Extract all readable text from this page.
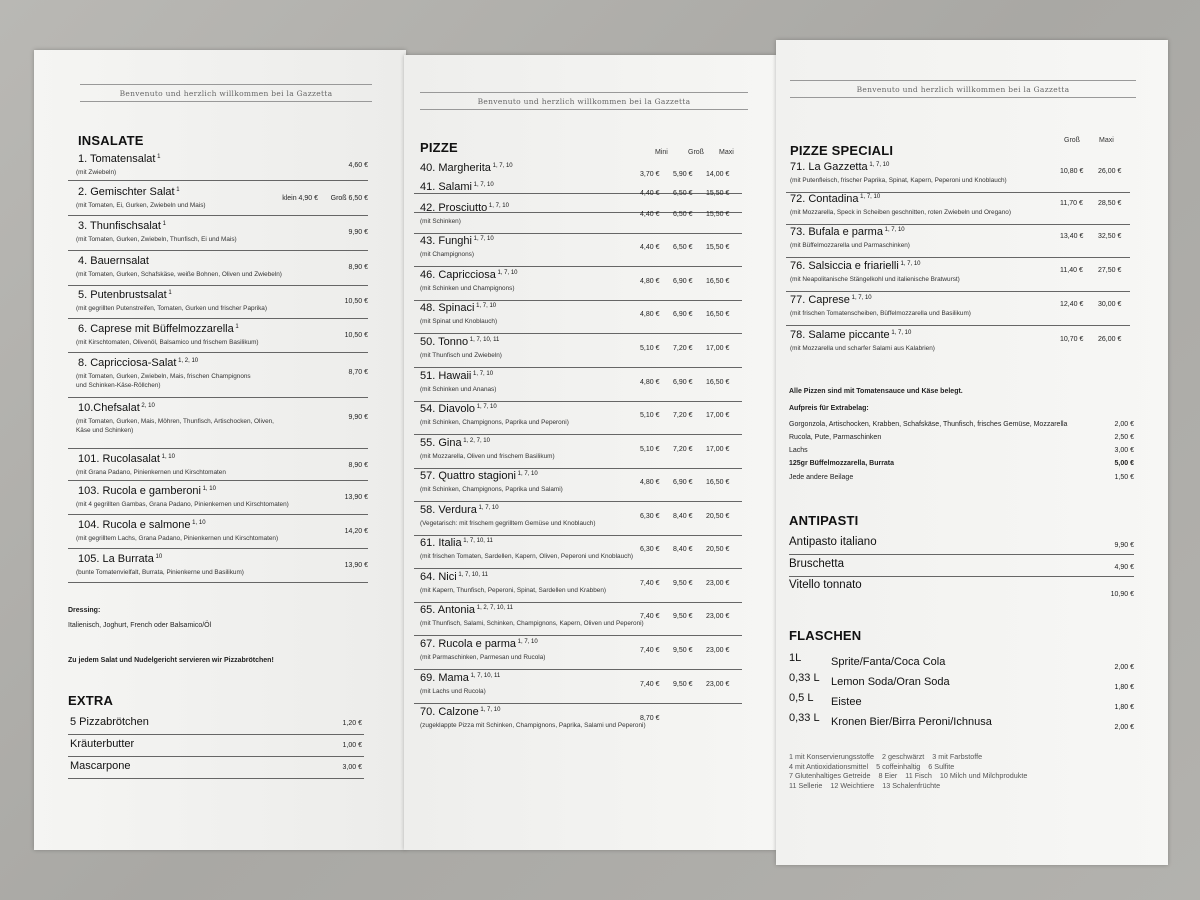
Benvenuto und herzlich willkommen bei la Gazzetta
INSALATE
Dressing:
Italienisch, Joghurt, French oder Balsamico/Öl
Zu jedem Salat und Nudelgericht servieren wir Pizzabrötchen!
EXTRA
1. Tomatensalat $^1$
(mit Zwiebeln)
4,60 €
2. Gemischter Salat $^1$
(mit Tomaten, Ei, Gurken, Zwiebeln und Mais)
klein 4,90 € Groß 6,50 €
3. Thunfischsalat $^1$
(mit Tomaten, Gurken, Zwiebeln, Thunfisch, Ei und Mais)
9,90 €
4. Bauernsalat
(mit Tomaten, Gurken, Schafskäse, weiße Bohnen, Oliven und Zwiebeln)
8,90 €
5. Putenbrustsalat $^1$
(mit gegrillten Putenstreifen, Tomaten, Gurken und frischer Paprika)
10,50 €
6. Caprese mit Büffelmozzarella $^1$
(mit Kirschtomaten, Olivenöl, Balsamico und frischem Basilikum)
10,50 €
8. Capricciosa-Salat $^{1, 2, 10}$
(mit Tomaten, Gurken, Zwiebeln, Mais, frischen Champignons
und Schinken-Käse-Röllchen)
8,70 €
10.Chefsalat $^{2, 10}$
(mit Tomaten, Gurken, Mais, Möhren, Thunfisch, Artischocken, Oliven,
Käse und Schinken)
9,90 €
101. Rucolasalat $^{1, 10}$
(mit Grana Padano, Pinienkernen und Kirschtomaten
8,90 €
103. Rucola e gamberoni $^{1, 10}$
(mit 4 gegrillten Gambas, Grana Padano, Pinienkernen und Kirschtomaten)
13,90 €
104. Rucola e salmone $^{1, 10}$
(mit gegrilltem Lachs, Grana Padano, Pinienkernen und Kirschtomaten)
14,20 €
105. La Burrata $^{10}$
(bunte Tomatenvielfalt, Burrata, Pinienkerne und Basilikum)
13,90 €
5 Pizzabrötchen	1,20 €
Kräuterbutter	1,00 €
Mascarpone	3,00 €
Benvenuto und herzlich willkommen bei la Gazzetta
PIZZE	Mini	Groß Maxi
40. Margherita $^{1, 7, 10}$
3,70 € 5,90 € 14,00 €
41. Salami $^{1, 7, 10}$
4,40 € 6,50 € 15,50 €
42. Prosciutto $^{1, 7, 10}$
(mit Schinken)
4,40 € 6,50 € 15,50 €
43. Funghi $^{1, 7, 10}$
(mit Champignons)
4,40 € 6,50 € 15,50 €
46. Capricciosa $^{1, 7, 10}$
(mit Schinken und Champignons)
4,80 € 6,90 € 16,50 €
48. Spinaci $^{1, 7, 10}$
(mit Spinat und Knoblauch)
4,80 € 6,90 € 16,50 €
50. Tonno $^{1, 7, 10, 11}$
(mit Thunfisch und Zwiebeln)
5,10 € 7,20 € 17,00 €
51. Hawaii $^{1, 7, 10}$
(mit Schinken und Ananas)
4,80 € 6,90 € 16,50 €
54. Diavolo $^{1, 7, 10}$
(mit Schinken, Champignons, Paprika und Peperoni)
5,10 € 7,20 € 17,00 €
55. Gina $^{1, 2, 7, 10}$
(mit Mozzarella, Oliven und frischem Basilikum)
5,10 € 7,20 € 17,00 €
57. Quattro stagioni $^{1, 7, 10}$
(mit Schinken, Champignons, Paprika und Salami)
4,80 € 6,90 € 16,50 €
58. Verdura $^{1, 7, 10}$
(Vegetarisch: mit frischem gegrilltem Gemüse und Knoblauch)
6,30 € 8,40 € 20,50 €
61. Italia $^{1, 7, 10, 11}$
(mit frischen Tomaten, Sardellen, Kapern, Oliven, Peperoni und Knoblauch)
6,30 € 8,40 € 20,50 €
64. Nici $^{1, 7, 10, 11}$
(mit Kapern, Thunfisch, Peperoni, Spinat, Sardellen und Krabben)
7,40 € 9,50 € 23,00 €
65. Antonia $^{1, 2, 7, 10, 11}$
(mit Thunfisch, Salami, Schinken, Champignons, Kapern, Oliven und Peperoni)
7,40 € 9,50 € 23,00 €
67. Rucola e parma $^{1, 7, 10}$
(mit Parmaschinken, Parmesan und Rucola)
7,40 € 9,50 € 23,00 €
69. Mama $^{1, 7, 10, 11}$
(mit Lachs und Rucola)
7,40 € 9,50 € 23,00 €
70. Calzone $^{1, 7, 10}$
(zugeklappte Pizza mit Schinken, Champignons, Paprika, Salami und Peperoni)
8,70 €
Benvenuto und herzlich willkommen bei la Gazzetta
PIZZE SPECIALI
Groß	Maxi
Alle Pizzen sind mit Tomatensauce und Käse belegt.
Aufpreis für Extrabelag:
ANTIPASTI
FLASCHEN
1 mit Konservierungsstoffe    2 geschwärzt    3 mit Farbstoffe
4 mit Antioxidationsmittel    5 coffeinhaltig    6 Sulfite
7 Glutenhaltiges Getreide    8 Eier    11 Fisch    10 Milch und Milchprodukte
11 Sellerie    12 Weichtiere    13 Schalenfrüchte
71. La Gazzetta $^{1, 7, 10}$
(mit Putenfleisch, frischer Paprika, Spinat, Kapern, Peperoni und Knoblauch)
10,80 € 26,00 €
72. Contadina $^{1, 7, 10}$
(mit Mozzarella, Speck in Scheiben geschnitten, roten Zwiebeln und Oregano)
11,70 € 28,50 €
73. Bufala e parma $^{1, 7, 10}$
(mit Büffelmozzarella und Parmaschinken)
13,40 € 32,50 €
76. Salsiccia e friarielli $^{1, 7, 10}$
(mit Neapolitanische Stängelkohl und italienische Bratwurst)
11,40 € 27,50 €
77. Caprese $^{1, 7, 10}$
(mit frischen Tomatenscheiben, Büffelmozzarella und Basilikum)
12,40 € 30,00 €
78. Salame piccante $^{1, 7, 10}$
(mit Mozzarella und scharfer Salami aus Kalabrien)
10,70 € 26,00 €
Gorgonzola, Artischocken, Krabben, Schafskäse, Thunfisch, frisches Gemüse, Mozzarella	2,00 €
Rucola, Pute, Parmaschinken	2,50 €
Lachs	3,00 €
125gr Büffelmozzarella, Burrata	5,00 €
Jede andere Beilage	1,50 €
Antipasto italiano	9,90 €
Bruschetta	4,90 €
Vitello tonnato
10,90 €
1L	Sprite/Fanta/Coca Cola	2,00 €
0,33 L Lemon Soda/Oran Soda	1,80 €
0,5 L Eistee	1,80 €
0,33 L Kronen Bier/Birra Peroni/Ichnusa	2,00 €
